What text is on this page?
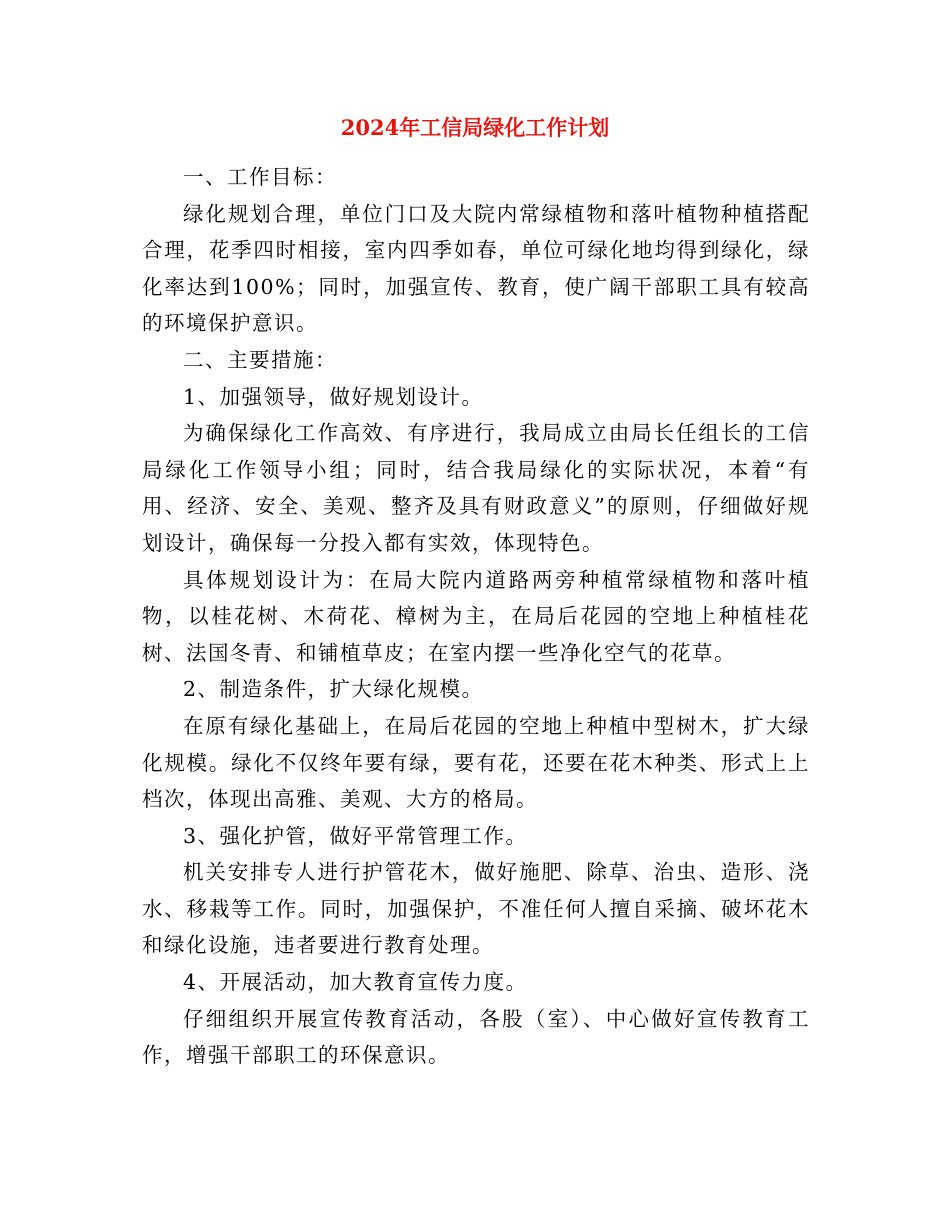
2024年工信局绿化工作计划

一、工作目标：

绿化规划合理，单位门口及大院内常绿植物和落叶植物种植搭配合理，花季四时相接，室内四季如春，单位可绿化地均得到绿化，绿化率达到100%；同时，加强宣传、教育，使广阔干部职工具有较高的环境保护意识。

二、主要措施：

1、加强领导，做好规划设计。

为确保绿化工作高效、有序进行，我局成立由局长任组长的工信局绿化工作领导小组；同时，结合我局绿化的实际状况，本着“有用、经济、安全、美观、整齐及具有财政意义”的原则，仔细做好规划设计，确保每一分投入都有实效，体现特色。

具体规划设计为：在局大院内道路两旁种植常绿植物和落叶植物，以桂花树、木荷花、樟树为主，在局后花园的空地上种植桂花树、法国冬青、和铺植草皮；在室内摆一些净化空气的花草。

2、制造条件，扩大绿化规模。

在原有绿化基础上，在局后花园的空地上种植中型树木，扩大绿化规模。绿化不仅终年要有绿，要有花，还要在花木种类、形式上上档次，体现出高雅、美观、大方的格局。

3、强化护管，做好平常管理工作。

机关安排专人进行护管花木，做好施肥、除草、治虫、造形、浇水、移栽等工作。同时，加强保护，不准任何人擅自采摘、破坏花木和绿化设施，违者要进行教育处理。

4、开展活动，加大教育宣传力度。

仔细组织开展宣传教育活动，各股（室）、中心做好宣传教育工作，增强干部职工的环保意识。
